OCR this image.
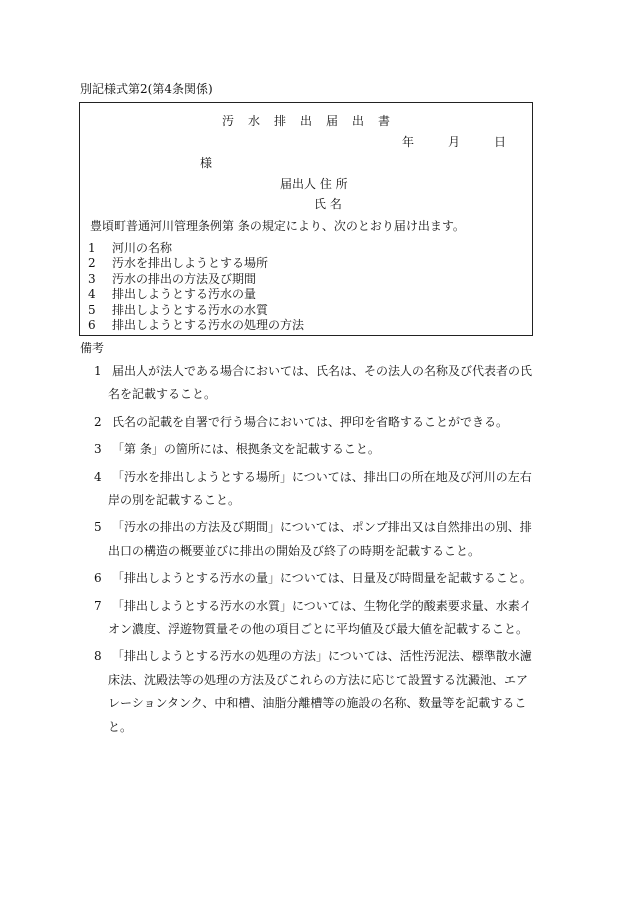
別記様式第2(第4条関係)
汚水排出届出書
年	月	日
様
届出人 住 所
氏 名
豊頃町普通河川管理条例第 条の規定により、次のとおり届け出ます。
1 河川の名称
2 汚水を排出しようとする場所
3 汚水の排出の方法及び期間
4 排出しようとする汚水の量
5 排出しようとする汚水の水質
6 排出しようとする汚水の処理の方法
備考
1 届出人が法人である場合においては、氏名は、その法人の名称及び代表者の氏名を記載すること。
2 氏名の記載を自署で行う場合においては、押印を省略することができる。
3 「第 条」の箇所には、根拠条文を記載すること。
4 「汚水を排出しようとする場所」については、排出口の所在地及び河川の左右岸の別を記載すること。
5 「汚水の排出の方法及び期間」については、ポンプ排出又は自然排出の別、排出口の構造の概要並びに排出の開始及び終了の時期を記載すること。
6 「排出しようとする汚水の量」については、日量及び時間量を記載すること。
7 「排出しようとする汚水の水質」については、生物化学的酸素要求量、水素イオン濃度、浮遊物質量その他の項目ごとに平均値及び最大値を記載すること。
8 「排出しようとする汚水の処理の方法」については、活性汚泥法、標準散水濾床法、沈殿法等の処理の方法及びこれらの方法に応じて設置する沈澱池、エアレーションタンク、中和槽、油脂分離槽等の施設の名称、数量等を記載すること。
